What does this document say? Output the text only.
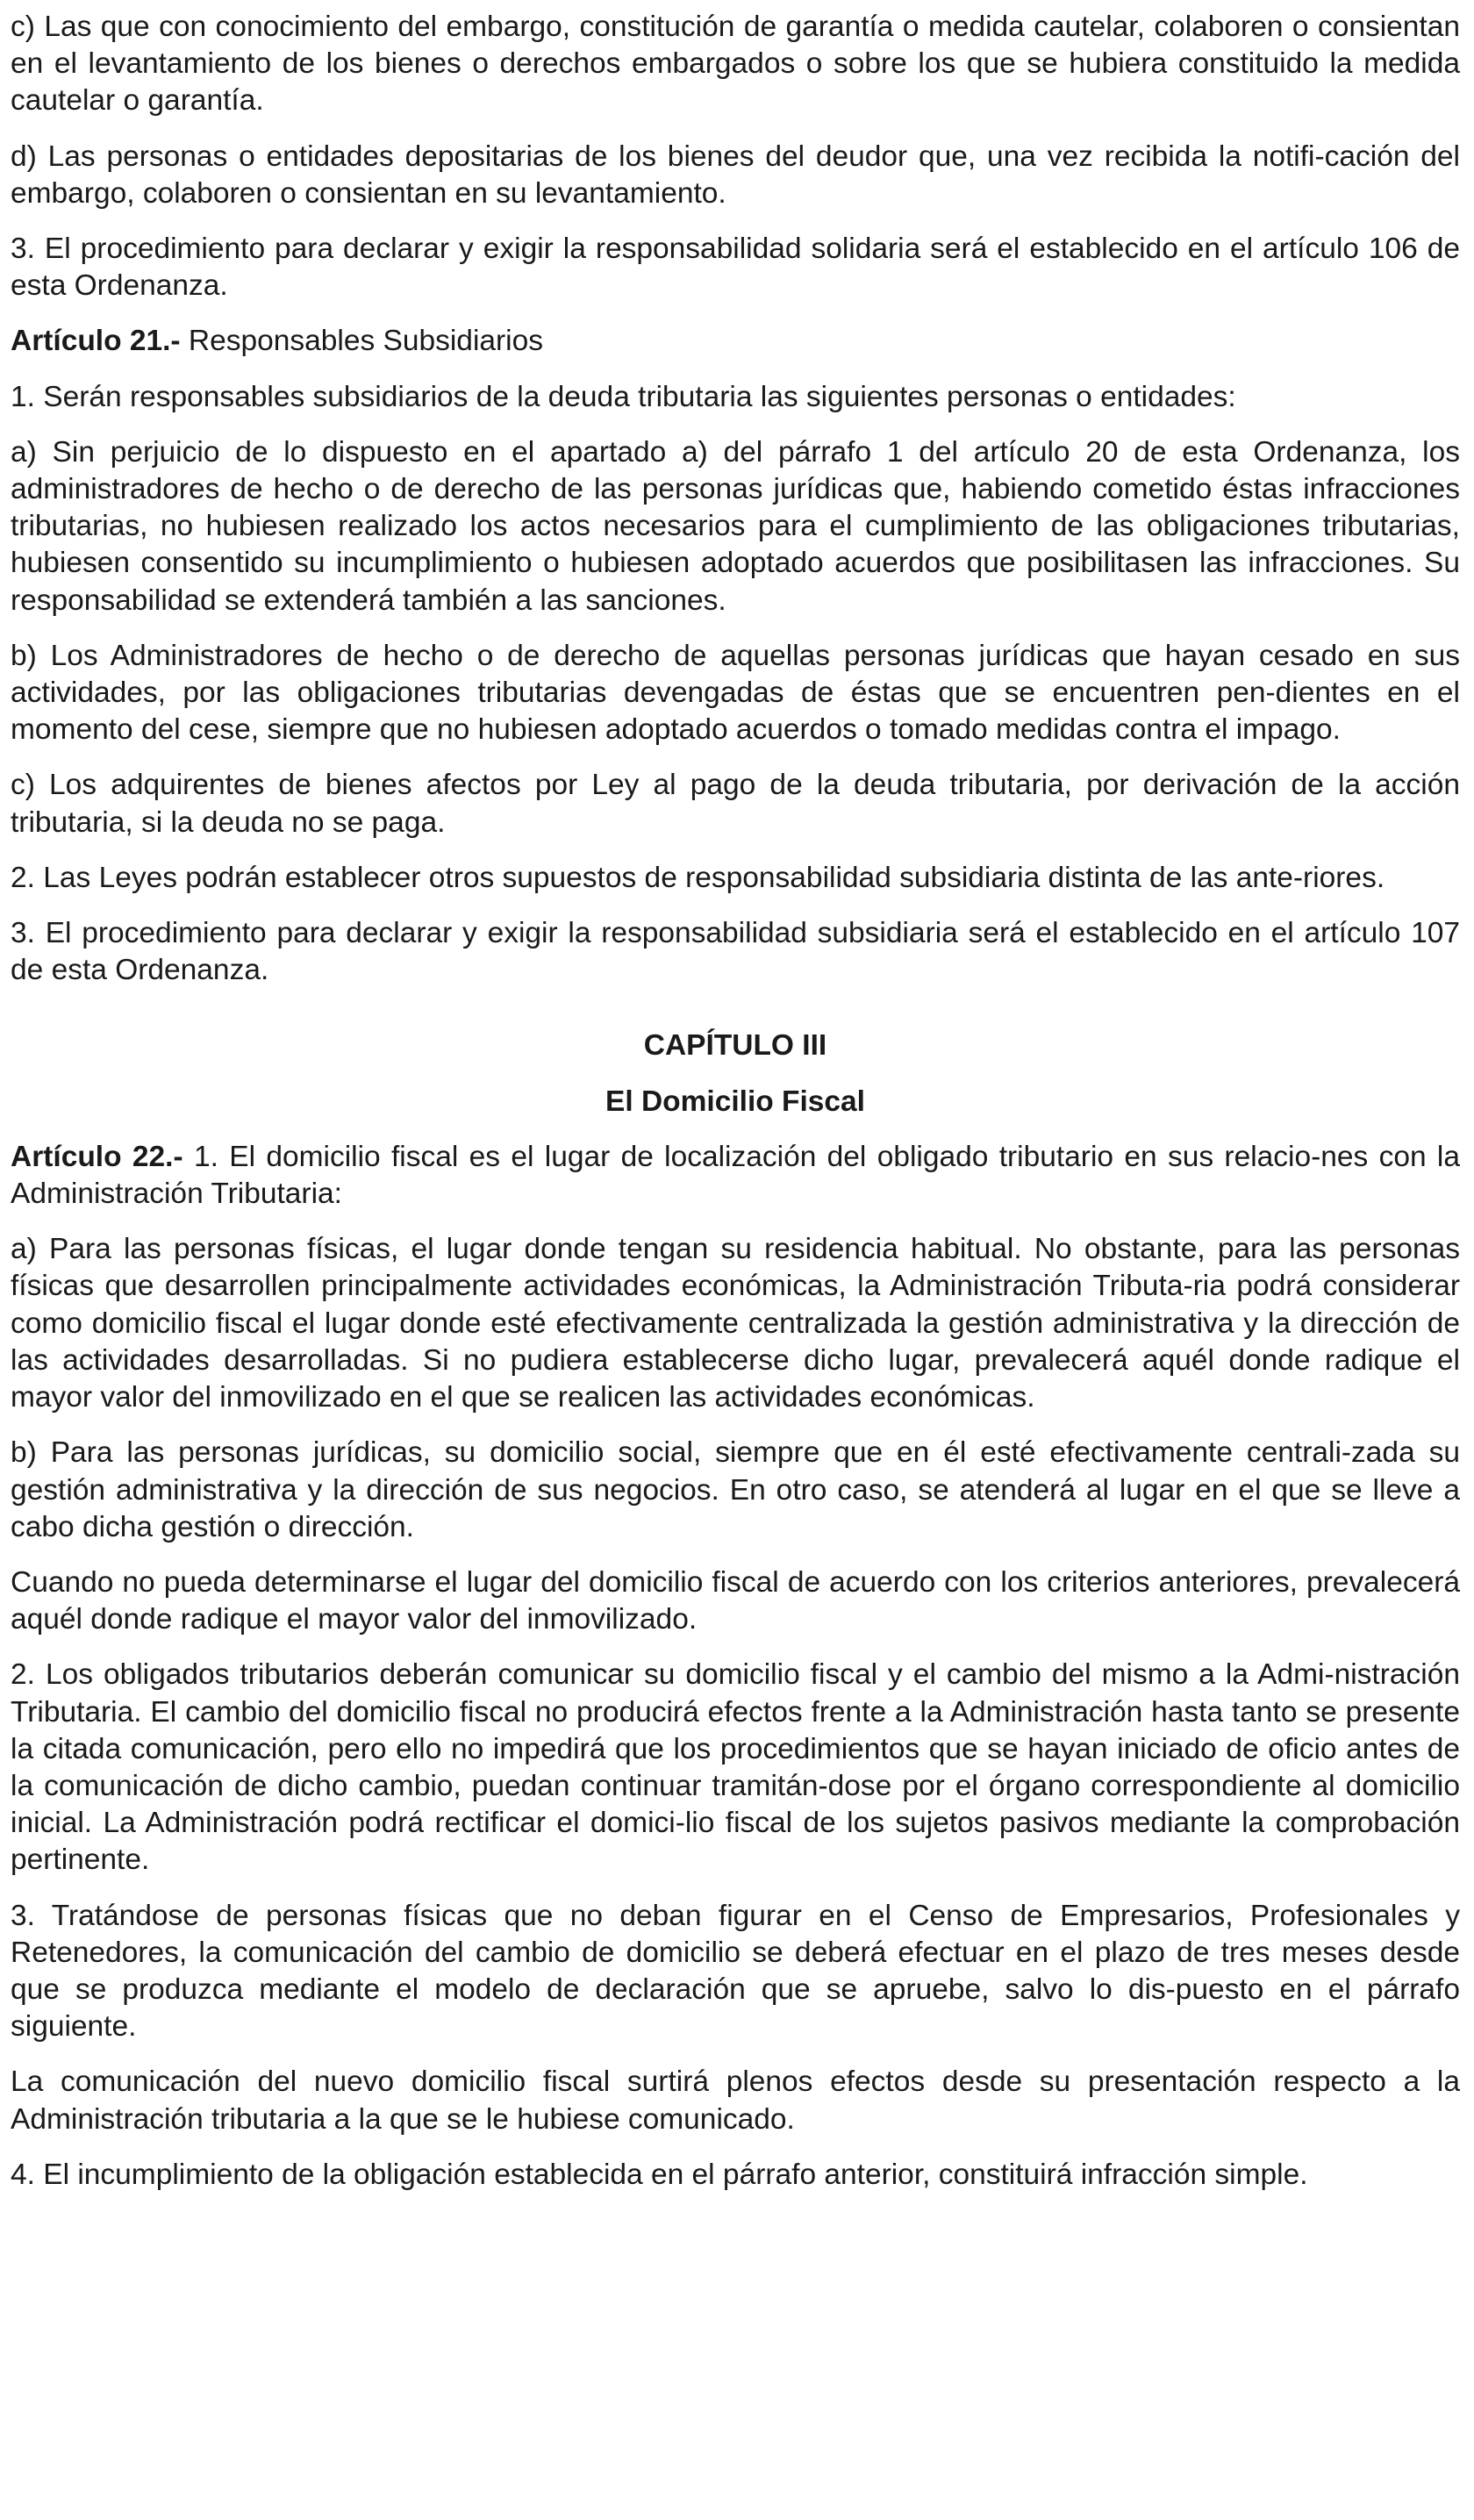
c) Las que con conocimiento del embargo, constitución de garantía o medida cautelar, colaboren o consientan en el levantamiento de los bienes o derechos embargados o sobre los que se hubiera constituido la medida cautelar o garantía.

d) Las personas o entidades depositarias de los bienes del deudor que, una vez recibida la notifi-cación del embargo, colaboren o consientan en su levantamiento.

3. El procedimiento para declarar y exigir la responsabilidad solidaria será el establecido en el artículo 106 de esta Ordenanza.

Artículo 21.- Responsables Subsidiarios

1. Serán responsables subsidiarios de la deuda tributaria las siguientes personas o entidades:

a) Sin perjuicio de lo dispuesto en el apartado a) del párrafo 1 del artículo 20 de esta Ordenanza, los administradores de hecho o de derecho de las personas jurídicas que, habiendo cometido éstas infracciones tributarias, no hubiesen realizado los actos necesarios para el cumplimiento de las obligaciones tributarias, hubiesen consentido su incumplimiento o hubiesen adoptado acuerdos que posibilitasen las infracciones. Su responsabilidad se extenderá también a las sanciones.

b) Los Administradores de hecho o de derecho de aquellas personas jurídicas que hayan cesado en sus actividades, por las obligaciones tributarias devengadas de éstas que se encuentren pen-dientes en el momento del cese, siempre que no hubiesen adoptado acuerdos o tomado medidas contra el impago.

c) Los adquirentes de bienes afectos por Ley al pago de la deuda tributaria, por derivación de la acción tributaria, si la deuda no se paga.

2. Las Leyes podrán establecer otros supuestos de responsabilidad subsidiaria distinta de las ante-riores.

3. El procedimiento para declarar y exigir la responsabilidad subsidiaria será el establecido en el artículo 107 de esta Ordenanza.

CAPÍTULO III

El Domicilio Fiscal

Artículo 22.- 1. El domicilio fiscal es el lugar de localización del obligado tributario en sus relacio-nes con la Administración Tributaria:

a) Para las personas físicas, el lugar donde tengan su residencia habitual. No obstante, para las personas físicas que desarrollen principalmente actividades económicas, la Administración Tributa-ria podrá considerar como domicilio fiscal el lugar donde esté efectivamente centralizada la gestión administrativa y la dirección de las actividades desarrolladas. Si no pudiera establecerse dicho lugar, prevalecerá aquél donde radique el mayor valor del inmovilizado en el que se realicen las actividades económicas.

b) Para las personas jurídicas, su domicilio social, siempre que en él esté efectivamente centrali-zada su gestión administrativa y la dirección de sus negocios. En otro caso, se atenderá al lugar en el que se lleve a cabo dicha gestión o dirección.

Cuando no pueda determinarse el lugar del domicilio fiscal de acuerdo con los criterios anteriores, prevalecerá aquél donde radique el mayor valor del inmovilizado.

2. Los obligados tributarios deberán comunicar su domicilio fiscal y el cambio del mismo a la Admi-nistración Tributaria. El cambio del domicilio fiscal no producirá efectos frente a la Administración hasta tanto se presente la citada comunicación, pero ello no impedirá que los procedimientos que se hayan iniciado de oficio antes de la comunicación de dicho cambio, puedan continuar tramitán-dose por el órgano correspondiente al domicilio inicial. La Administración podrá rectificar el domici-lio fiscal de los sujetos pasivos mediante la comprobación pertinente.

3. Tratándose de personas físicas que no deban figurar en el Censo de Empresarios, Profesionales y Retenedores, la comunicación del cambio de domicilio se deberá efectuar en el plazo de tres meses desde que se produzca mediante el modelo de declaración que se apruebe, salvo lo dis-puesto en el párrafo siguiente.

La comunicación del nuevo domicilio fiscal surtirá plenos efectos desde su presentación respecto a la Administración tributaria a la que se le hubiese comunicado.

4. El incumplimiento de la obligación establecida en el párrafo anterior, constituirá infracción simple.
